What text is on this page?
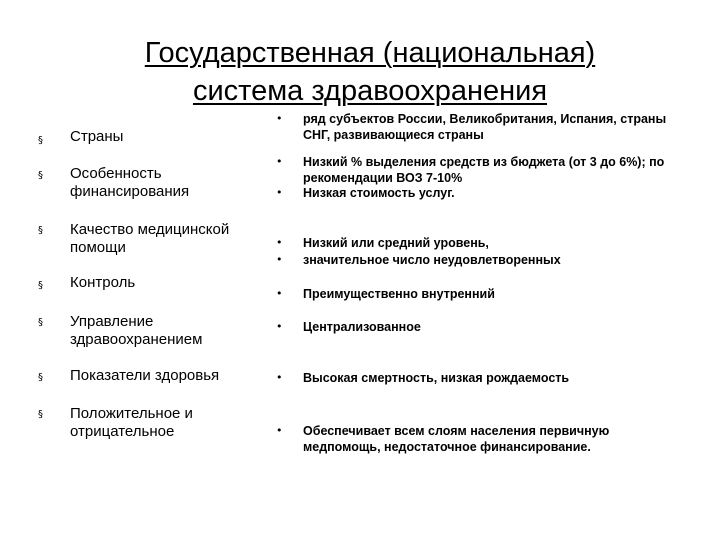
Государственная (национальная)
система здравоохранения
§ Страны
• ряд субъектов России, Великобритания, Испания, страны СНГ, развивающиеся страны
§ Особенность финансирования
• Низкий % выделения средств из бюджета (от 3 до 6%); по рекомендации ВОЗ 7-10%
• Низкая стоимость услуг.
§ Качество медицинской помощи	• Низкий или средний уровень,
• значительное число неудовлетворенных
§ Контроль
• Преимущественно внутренний
§ Управление здравоохранением
• Централизованное
§ Показатели здоровья	• Высокая смертность, низкая рождаемость
§ Положительное и отрицательное	• Обеспечивает всем слоям населения первичную медпомощь, недостаточное финансирование.
